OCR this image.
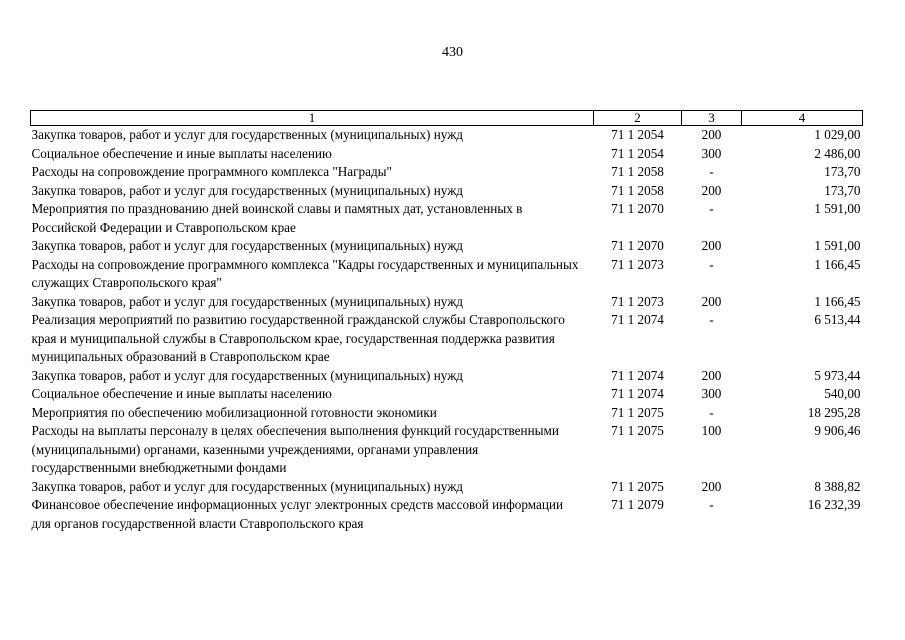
430
1	2	3	4
Закупка товаров, работ и услуг для государственных (муниципальных) нужд	71 1 2054	200	1 029,00
Социальное обеспечение и иные выплаты населению	71 1 2054	300	2 486,00
Расходы на сопровождение программного комплекса "Награды"	71 1 2058	-	173,70
Закупка товаров, работ и услуг для государственных (муниципальных) нужд	71 1 2058	200	173,70
Мероприятия по празднованию дней воинской славы и памятных дат, установленных в Российской Федерации и Ставропольском крае	71 1 2070	-	1 591,00
Закупка товаров, работ и услуг для государственных (муниципальных) нужд	71 1 2070	200	1 591,00
Расходы на сопровождение программного комплекса "Кадры государственных и муниципальных служащих Ставропольского края"	71 1 2073	-	1 166,45
Закупка товаров, работ и услуг для государственных (муниципальных) нужд	71 1 2073	200	1 166,45
Реализация мероприятий по развитию государственной гражданской службы Ставропольского края и муниципальной службы в Ставропольском крае, государственная поддержка развития муниципальных образований в Ставропольском крае	71 1 2074	-	6 513,44
Закупка товаров, работ и услуг для государственных (муниципальных) нужд	71 1 2074	200	5 973,44
Социальное обеспечение и иные выплаты населению	71 1 2074	300	540,00
Мероприятия по обеспечению мобилизационной готовности экономики	71 1 2075	-	18 295,28
Расходы на выплаты персоналу в целях обеспечения выполнения функций государственными (муниципальными) органами, казенными учреждениями, органами управления государственными внебюджетными фондами	71 1 2075	100	9 906,46
Закупка товаров, работ и услуг для государственных (муниципальных) нужд	71 1 2075	200	8 388,82
Финансовое обеспечение информационных услуг электронных средств массовой информации для органов государственной власти Ставропольского края	71 1 2079	-	16 232,39
